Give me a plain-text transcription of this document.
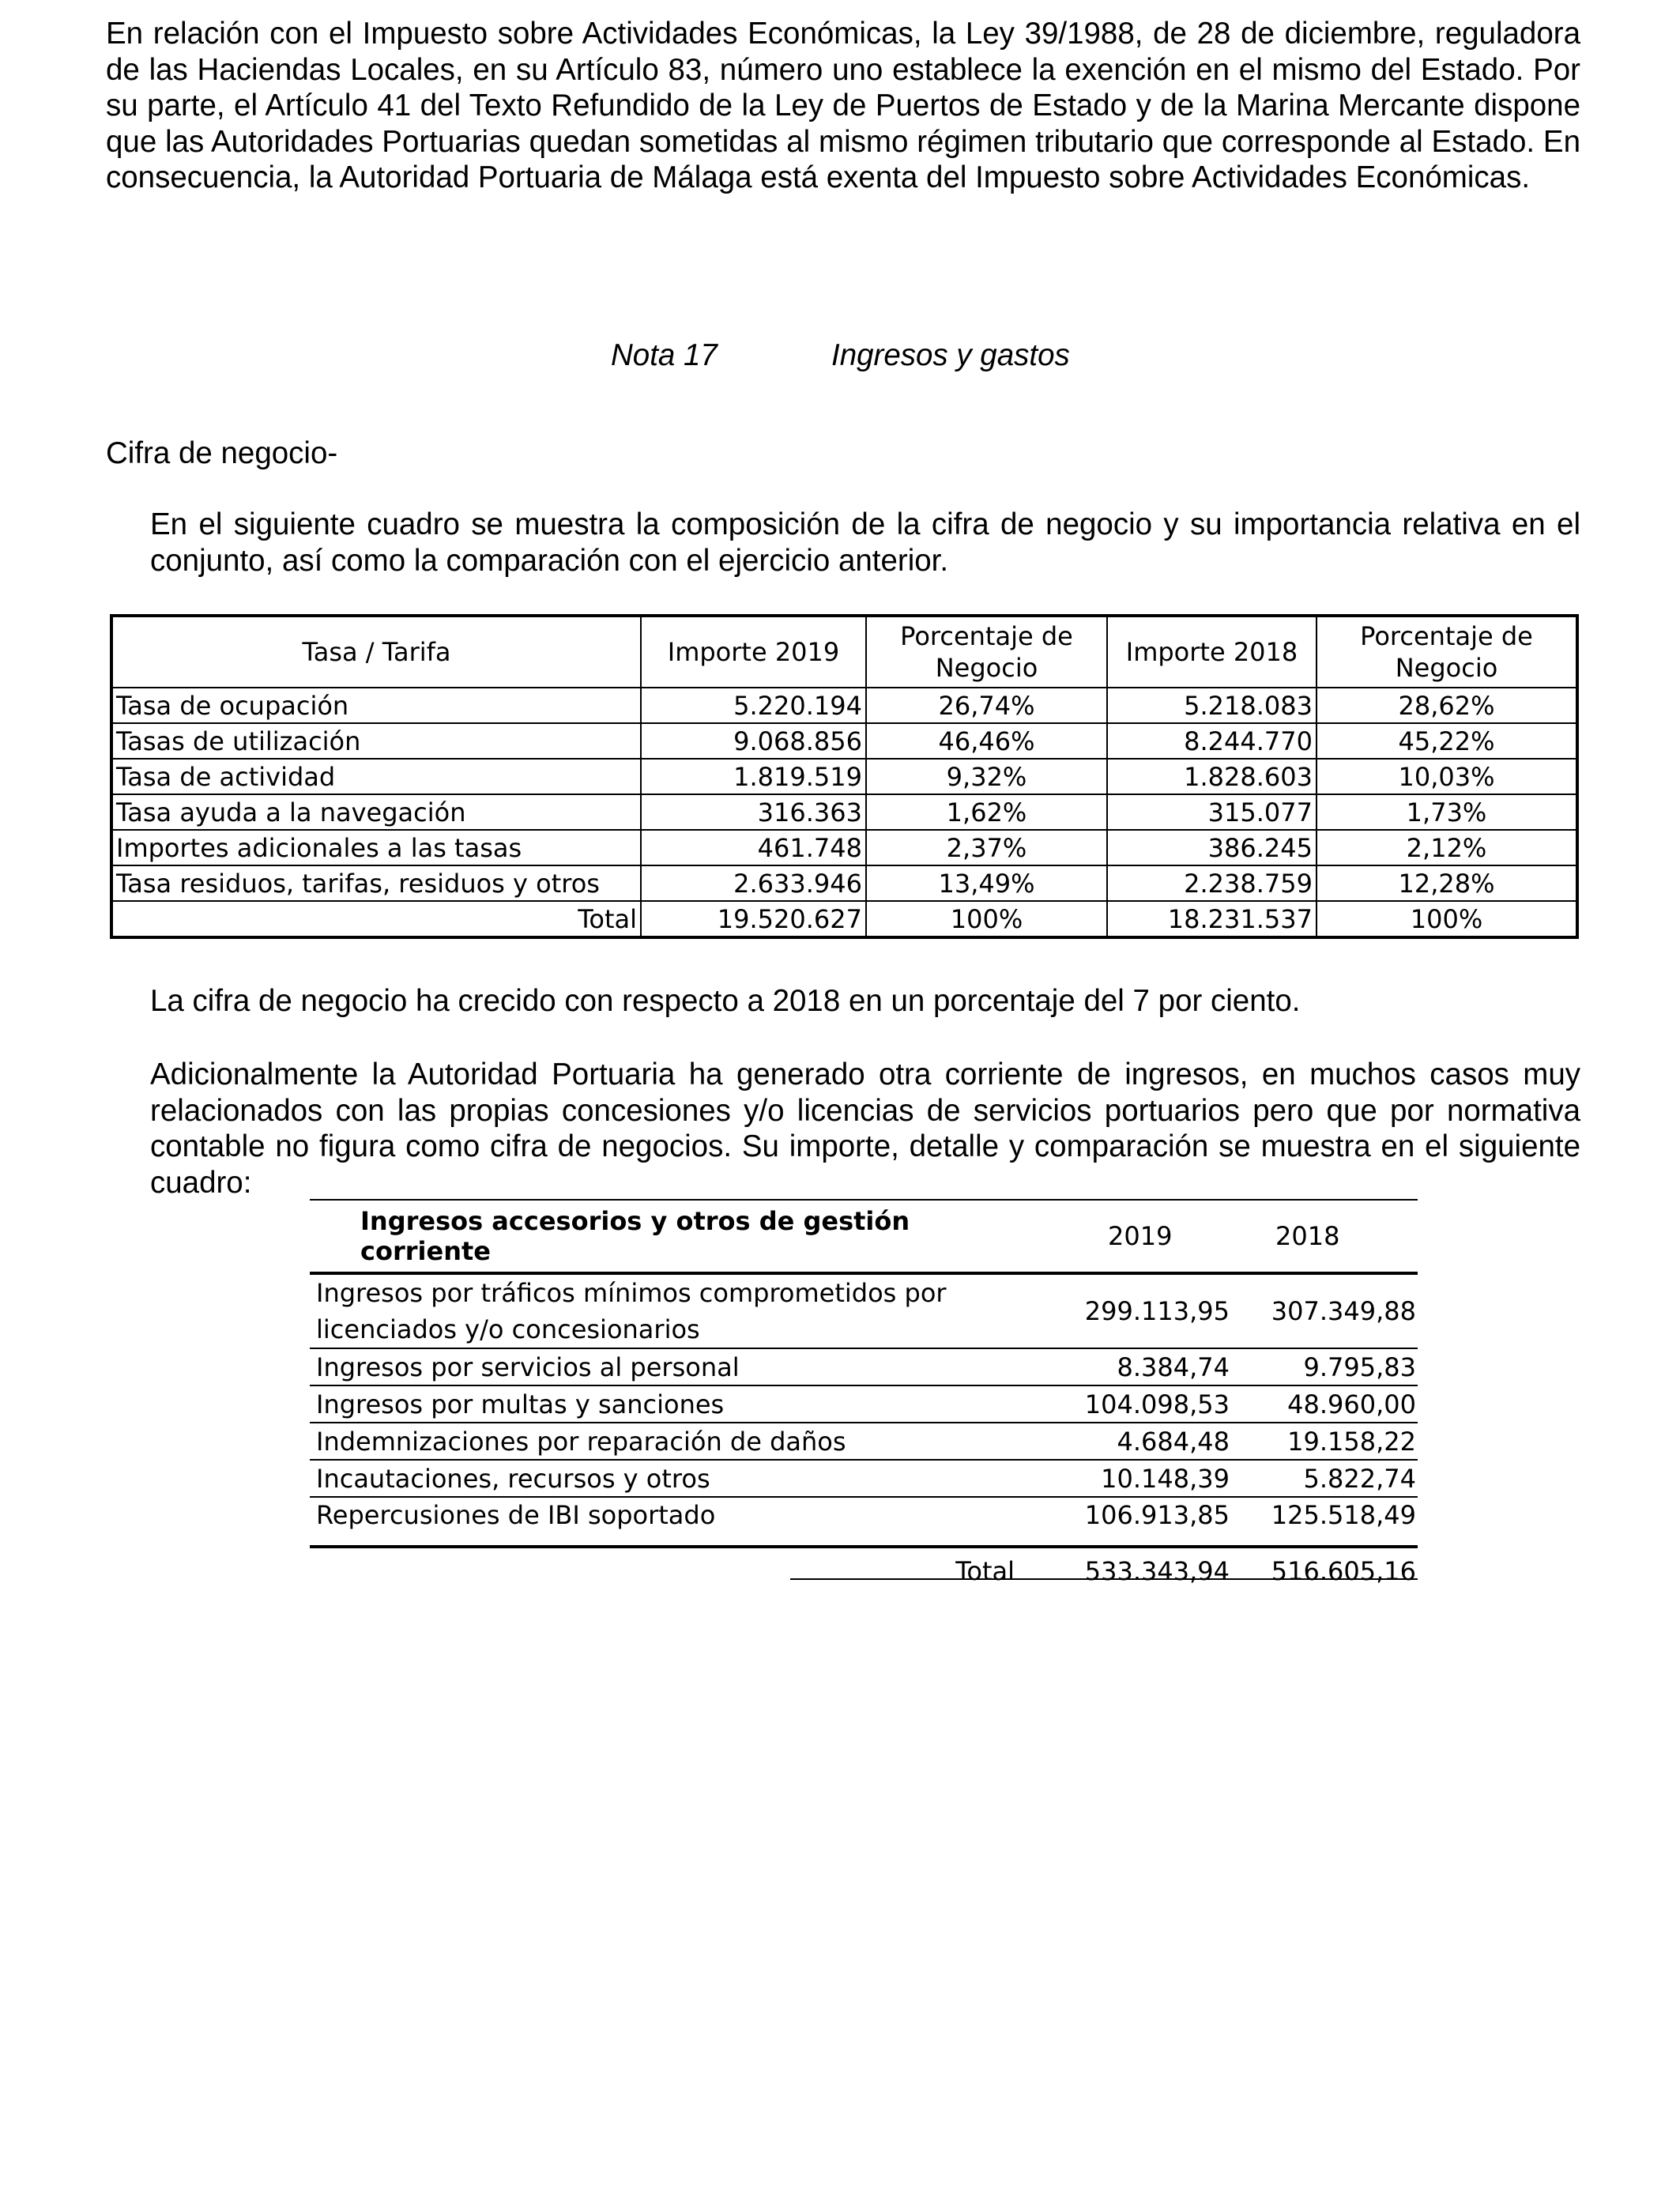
En relación con el Impuesto sobre Actividades Económicas, la Ley 39/1988, de 28 de diciembre, reguladora de las Haciendas Locales, en su Artículo 83, número uno establece la exención en el mismo del Estado. Por su parte, el Artículo 41 del Texto Refundido de la Ley de Puertos de Estado y de la Marina Mercante dispone que las Autoridades Portuarias quedan sometidas al mismo régimen tributario que corresponde al Estado. En consecuencia, la Autoridad Portuaria de Málaga está exenta del Impuesto sobre Actividades Económicas.

Nota 17	Ingresos y gastos
Cifra de negocio-

En el siguiente cuadro se muestra la composición de la cifra de negocio y su importancia relativa en el conjunto, así como la comparación con el ejercicio anterior.

Tasa / Tarifa	Importe 2019	Porcentaje de Negocio	Importe 2018	Porcentaje de Negocio
Tasa de ocupación	5.220.194	26,74%	5.218.083	28,62%
Tasas de utilización	9.068.856	46,46%	8.244.770	45,22%
Tasa de actividad	1.819.519	9,32%	1.828.603	10,03%
Tasa ayuda a la navegación	316.363	1,62%	315.077	1,73%
Importes adicionales a las tasas	461.748	2,37%	386.245	2,12%
Tasa residuos, tarifas, residuos y otros	2.633.946	13,49%	2.238.759	12,28%
Total	19.520.627	100%	18.231.537	100%

La cifra de negocio ha crecido con respecto a 2018 en un porcentaje del 7 por ciento.

Adicionalmente la Autoridad Portuaria ha generado otra corriente de ingresos, en muchos casos muy relacionados con las propias concesiones y/o licencias de servicios portuarios pero que por normativa contable no figura como cifra de negocios. Su importe, detalle y comparación se muestra en el siguiente cuadro:

Ingresos accesorios y otros de gestión corriente	2019	2018
Ingresos por tráficos mínimos comprometidos por licenciados y/o concesionarios
299.113,95	307.349,88
Ingresos por servicios al personal	8.384,74	9.795,83
Ingresos por multas y sanciones	104.098,53	48.960,00
Indemnizaciones por reparación de daños	4.684,48	19.158,22
Incautaciones, recursos y otros	10.148,39	5.822,74
Repercusiones de IBI soportado	106.913,85	125.518,49
Total	533.343,94	516.605,16
